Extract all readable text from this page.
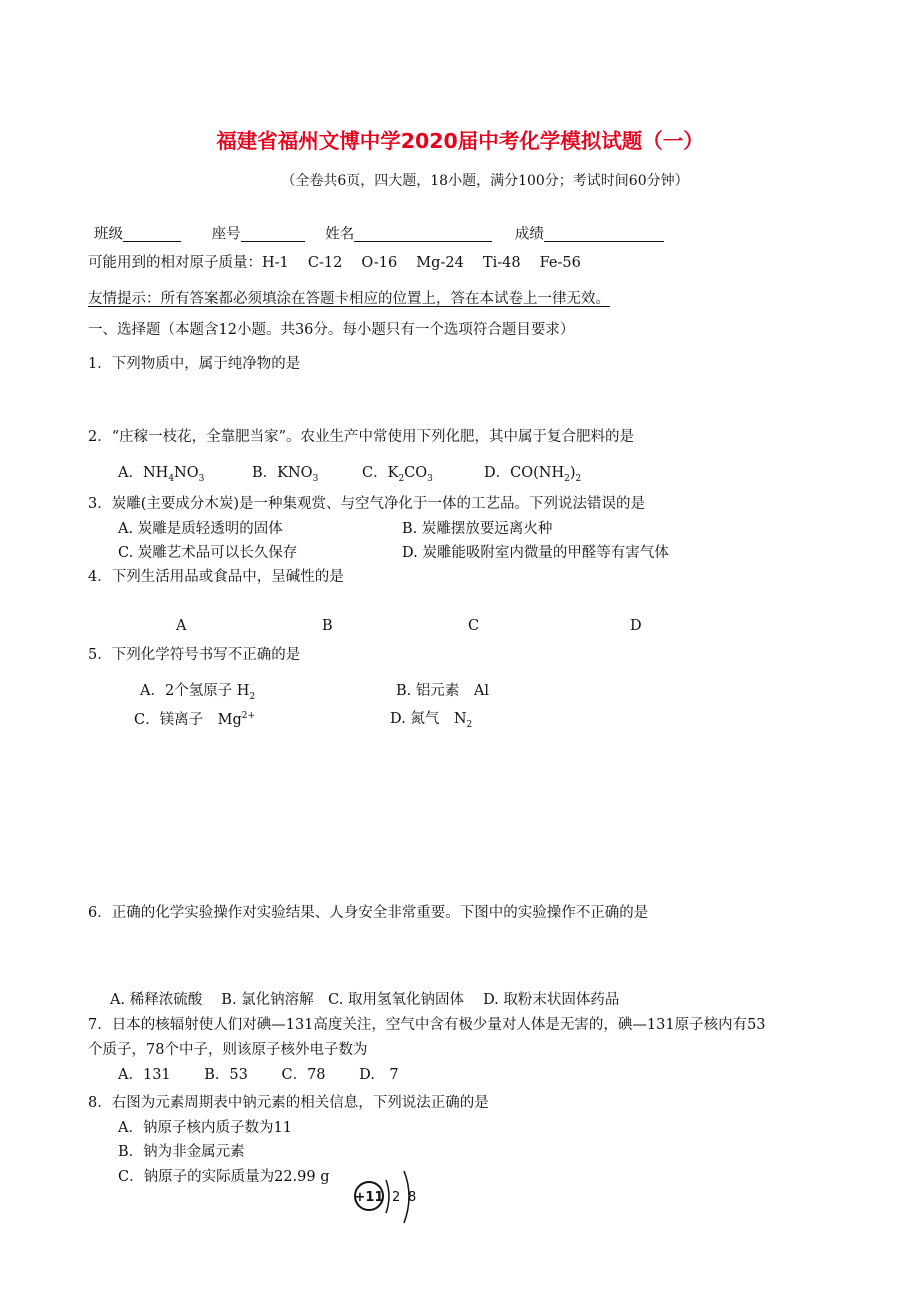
福建省福州文博中学2020届中考化学模拟试题（一）
（全卷共6页，四大题，18小题，满分100分；考试时间60分钟）
班级	座号	姓名	成绩
可能用到的相对原子质量：H-1　 C-12　 O-16　 Mg-24　 Ti-48　 Fe-56
友情提示：所有答案都必须填涂在答题卡相应的位置上，答在本试卷上一律无效。
一、选择题（本题含12小题。共36分。每小题只有一个选项符合题目要求）
1．下列物质中，属于纯净物的是
2．“庄稼一枝花，全靠肥当家”。农业生产中常使用下列化肥，其中属于复合肥料的是
A．$NH_4NO_3$	B．$KNO_3$	C．$K_2CO_3$	D．$CO(NH_2)_2$
3．炭雕(主要成分木炭)是一种集观赏、与空气净化于一体的工艺品。下列说法错误的是
A. 炭雕是质轻透明的固体	B. 炭雕摆放要远离火种
C. 炭雕艺术品可以长久保存	D. 炭雕能吸附室内微量的甲醛等有害气体
4．下列生活用品或食品中，呈碱性的是
A	B	C	D
5．下列化学符号书写不正确的是
A．2个氢原子 $H_2$	B. 铝元素　Al
C．镁离子　$Mg^{2+}$	D. 氮气　$N_2$
6．正确的化学实验操作对实验结果、人身安全非常重要。下图中的实验操作不正确的是
A. 稀释浓硫酸　 B. 氯化钠溶解　C. 取用氢氧化钠固体　 D. 取粉末状固体药品
7．日本的核辐射使人们对碘—131高度关注，空气中含有极少量对人体是无害的，碘—131原子核内有53
个质子，78个中子，则该原子核外电子数为
A．131　　 B．53　　 C．78　　 D.　7
8．右图为元素周期表中钠元素的相关信息，下列说法正确的是
A．钠原子核内质子数为11
B．钠为非金属元素
C．钠原子的实际质量为22.99 g
+11 2 8
